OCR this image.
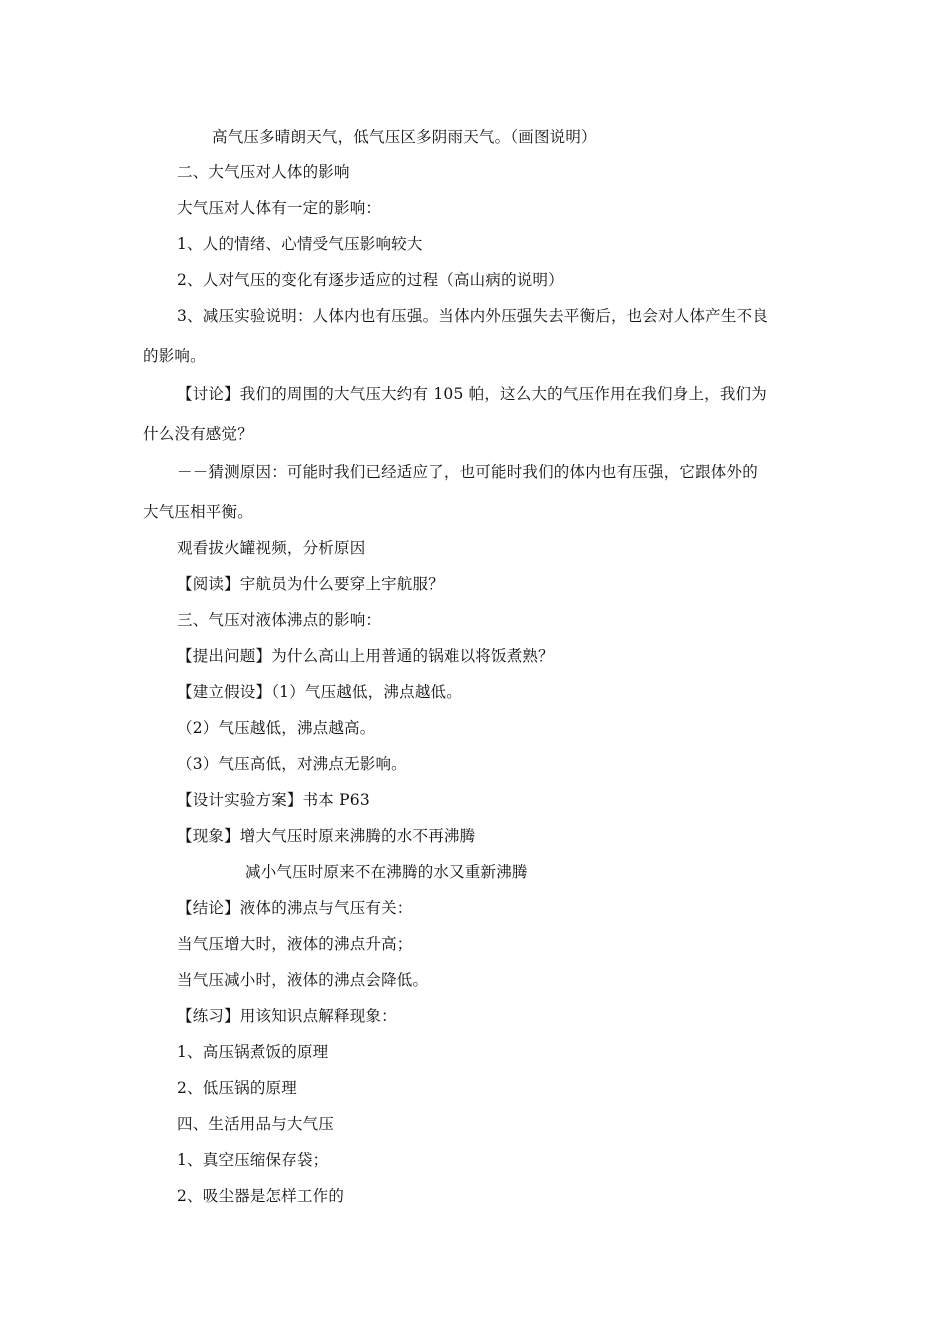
高气压多晴朗天气，低气压区多阴雨天气。（画图说明）
二、大气压对人体的影响
大气压对人体有一定的影响：
1、人的情绪、心情受气压影响较大
2、人对气压的变化有逐步适应的过程（高山病的说明）
3、减压实验说明：人体内也有压强。当体内外压强失去平衡后，也会对人体产生不良
的影响。
【讨论】我们的周围的大气压大约有 105 帕，这么大的气压作用在我们身上，我们为
什么没有感觉？
－－猜测原因：可能时我们已经适应了，也可能时我们的体内也有压强，它跟体外的
大气压相平衡。
观看拔火罐视频，分析原因
【阅读】宇航员为什么要穿上宇航服？
三、气压对液体沸点的影响：
【提出问题】为什么高山上用普通的锅难以将饭煮熟？
【建立假设】（1）气压越低，沸点越低。
（2）气压越低，沸点越高。
（3）气压高低，对沸点无影响。
【设计实验方案】书本 P63
【现象】增大气压时原来沸腾的水不再沸腾
减小气压时原来不在沸腾的水又重新沸腾
【结论】液体的沸点与气压有关：
当气压增大时，液体的沸点升高；
当气压减小时，液体的沸点会降低。
【练习】用该知识点解释现象：
1、高压锅煮饭的原理
2、低压锅的原理
四、生活用品与大气压
1、真空压缩保存袋；
2、吸尘器是怎样工作的
